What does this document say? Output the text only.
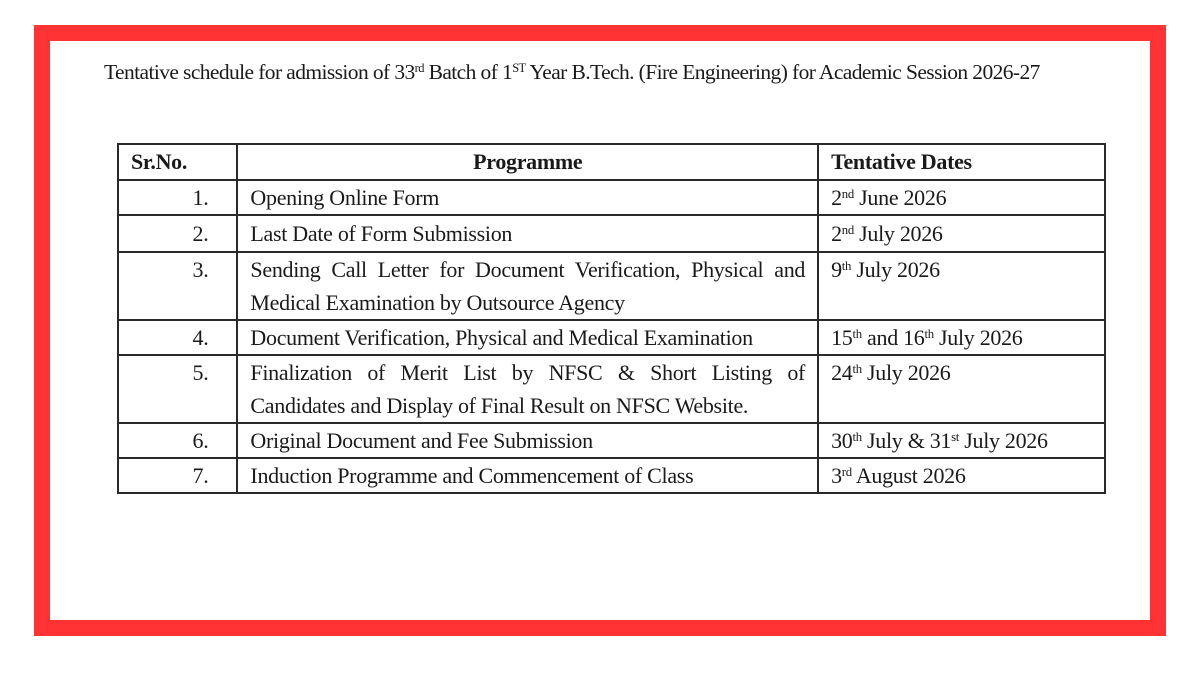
Tentative schedule for admission of 33rd Batch of 1ST Year B.Tech. (Fire Engineering) for Academic Session 2026-27
Sr.No.	Programme	Tentative Dates
1.	Opening Online Form	2nd June 2026
2.	Last Date of Form Submission	2nd July 2026
3.	Sending Call Letter for Document Verification, Physical and Medical Examination by Outsource Agency	9th July 2026
4.	Document Verification, Physical and Medical Examination	15th and 16th July 2026
5.	Finalization of Merit List by NFSC & Short Listing of Candidates and Display of Final Result on NFSC Website.	24th July 2026
6.	Original Document and Fee Submission	30th July & 31st July 2026
7.	Induction Programme and Commencement of Class	3rd August 2026
